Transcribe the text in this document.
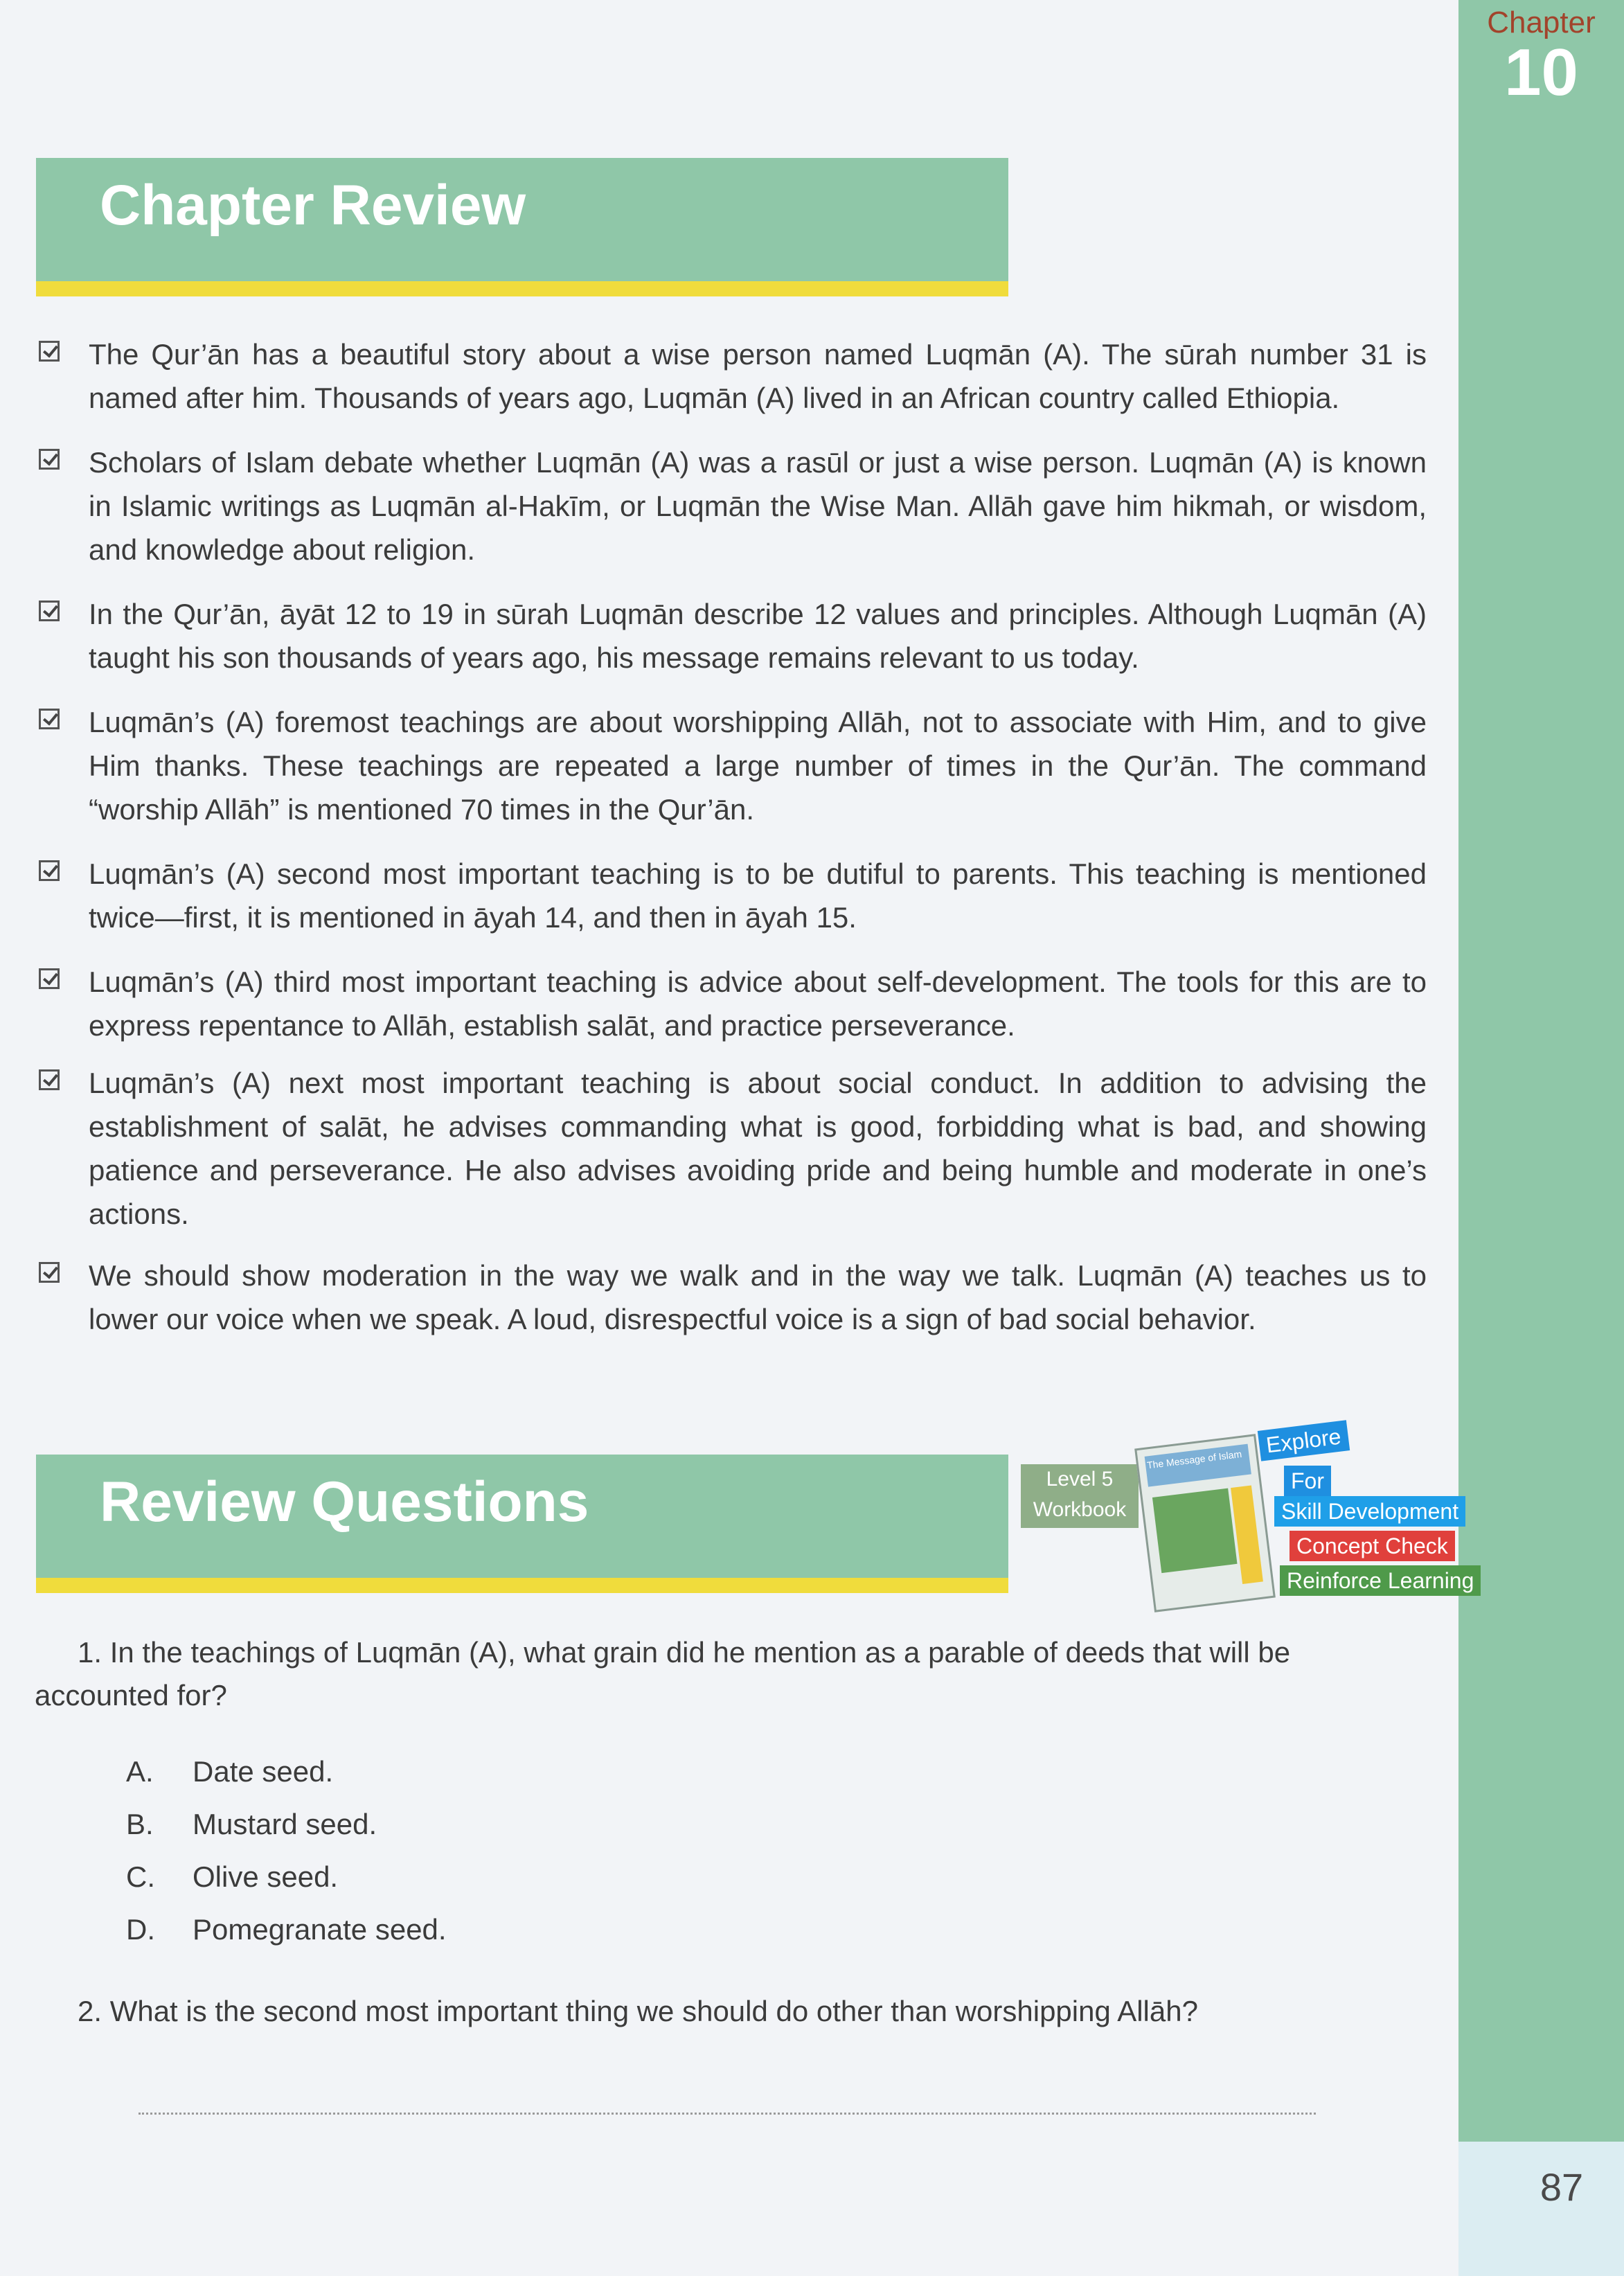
Chapter
10
87
Chapter Review
The Qur’ān has a beautiful story about a wise person named Luqmān (A). The sūrah number 31 is named after him. Thousands of years ago, Luqmān (A) lived in an African country called Ethiopia.
Scholars of Islam debate whether Luqmān (A) was a rasūl or just a wise person. Luqmān (A) is known in Islamic writings as Luqmān al-Hakīm, or Luqmān the Wise Man. Allāh gave him hikmah, or wisdom, and knowledge about religion.
In the Qur’ān, āyāt 12 to 19 in sūrah Luqmān describe 12 values and principles. Although Luqmān (A) taught his son thousands of years ago, his message remains relevant to us today.
Luqmān’s (A) foremost teachings are about worshipping Allāh, not to associate with Him, and to give Him thanks. These teachings are repeated a large number of times in the Qur’ān. The command “worship Allāh” is mentioned 70 times in the Qur’ān.
Luqmān’s (A) second most important teaching is to be dutiful to parents. This teaching is mentioned twice—first, it is mentioned in āyah 14, and then in āyah 15.
Luqmān’s (A) third most important teaching is advice about self-development. The tools for this are to express repentance to Allāh, establish salāt, and practice perseverance.
Luqmān’s (A) next most important teaching is about social conduct. In addition to advising the establishment of salāt, he advises commanding what is good, forbidding what is bad, and showing patience and perseverance. He also advises avoiding pride and being humble and moderate in one’s actions.
We should show moderation in the way we walk and in the way we talk. Luqmān (A) teaches us to lower our voice when we speak. A loud, disrespectful voice is a sign of bad social behavior.
Review Questions	Level 5
Workbook
The Message of Islam
Explore
For
Skill Development
Concept Check
Reinforce Learning
1. In the teachings of Luqmān (A), what grain did he mention as a parable of deeds that will be accounted for?
A.	Date seed.
B.	Mustard seed.
C.	Olive seed.
D.	Pomegranate seed.
2. What is the second most important thing we should do other than worshipping Allāh?
